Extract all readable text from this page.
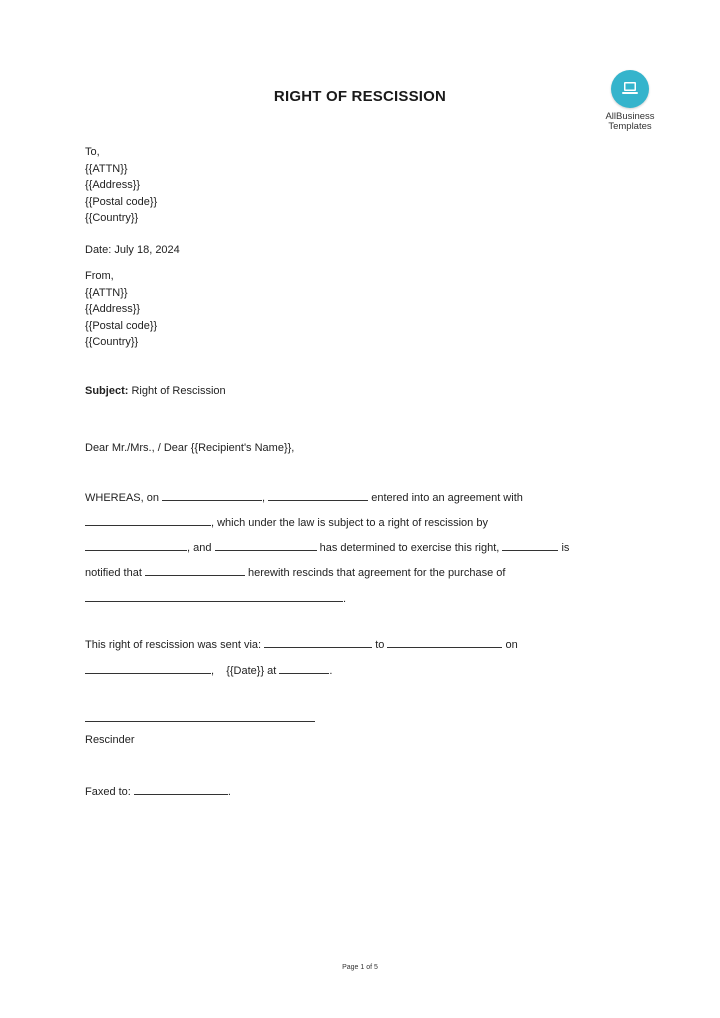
RIGHT OF RESCISSION
AllBusiness
Templates
To,
{{ATTN}}
{{Address}}
{{Postal code}}
{{Country}}
Date: July 18, 2024
From,
{{ATTN}}
{{Address}}
{{Postal code}}
{{Country}}
Subject: Right of Rescission
Dear Mr./Mrs., / Dear {{Recipient's Name}},
WHEREAS, on	,	entered into an agreement with
, which under the law is subject to a right of rescission by
, and	has determined to exercise this right,	is
notified that	herewith rescinds that agreement for the purchase of
.
This right of rescission was sent via:	to	on
, {{Date}} at	.
Rescinder
Faxed to:	.
Page 1 of 5
